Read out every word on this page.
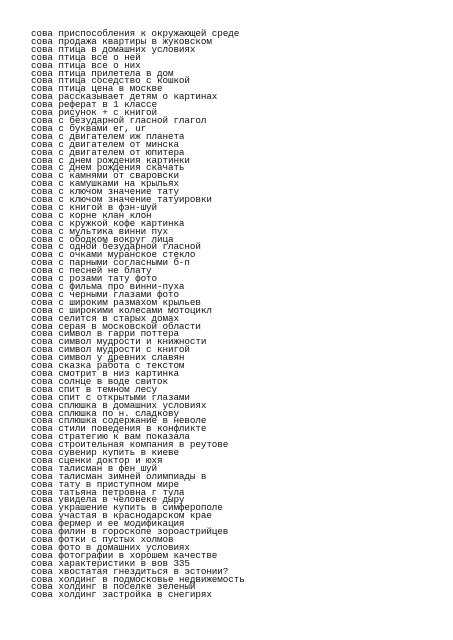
сова приспособления к окружающей среде
сова продажа квартиры в жуковском
сова птица в домашних условиях
сова птица все о ней
сова птица все о них
сова птица прилетела в дом
сова птица соседство с кошкой
сова птица цена в москве
сова рассказывает детям о картинах
сова реферат в 1 классе
сова рисунок + с книгой
сова с безударной гласной глагол
сова с буквами er, ur
сова с двигателем иж планета
сова с двигателем от минска
сова с двигателем от юпитера
сова с днем рождения картинки
сова с днем рождения скачать
сова с камнями от сваровски
сова с камушками на крыльях
сова с ключом значение тату
сова с ключом значение татуировки
сова с книгой в фэн-шуй
сова с корне клан клон
сова с кружкой кофе картинка
сова с мультика винни пух
сова с ободком вокруг лица
сова с одной безударной гласной
сова с очками муранское стекло
сова с парными согласными б-п
сова с песней не блату
сова с розами тату фото
сова с фильма про винни-пуха
сова с черными глазами фото
сова с широким размахом крыльев
сова с широкими колесами мотоцикл
сова селится в старых домах
сова серая в московской области
сова символ в гарри поттера
сова символ мудрости и книжности
сова символ мудрости с книгой
сова символ у древних славян
сова сказка работа с текстом
сова смотрит в низ картинка
сова солнце в воде свиток
сова спит в темном лесу
сова спит с открытыми глазами
сова сплюшка в домашних условиях
сова сплюшка по н. сладкову
сова сплюшка содержание в неволе
сова стили поведения в конфликте
сова стратегию к вам показала
сова строительная компания в реутове
сова сувенир купить в киеве
сова сценки доктор и юхя
сова талисман в фен шуй
сова талисман зимней олимпиады в
сова тату в приступном мире
сова татьяна петровна г тула
сова увидела в человеке дыру
сова украшение купить в симферополе
сова участая в краснодарском крае
сова фермер и ее модификация
сова филин в гороскопе зороастрийцев
сова фотки с пустых холмов
сова фото в домашних условиях
сова фотографии в хорошем качестве
сова характеристики в вов 335
сова хвостатая гнездиться в эстонии?
сова холдинг в подмосковье недвижемость
сова холдинг в поселке зеленый
сова холдинг застройка в снегирях
